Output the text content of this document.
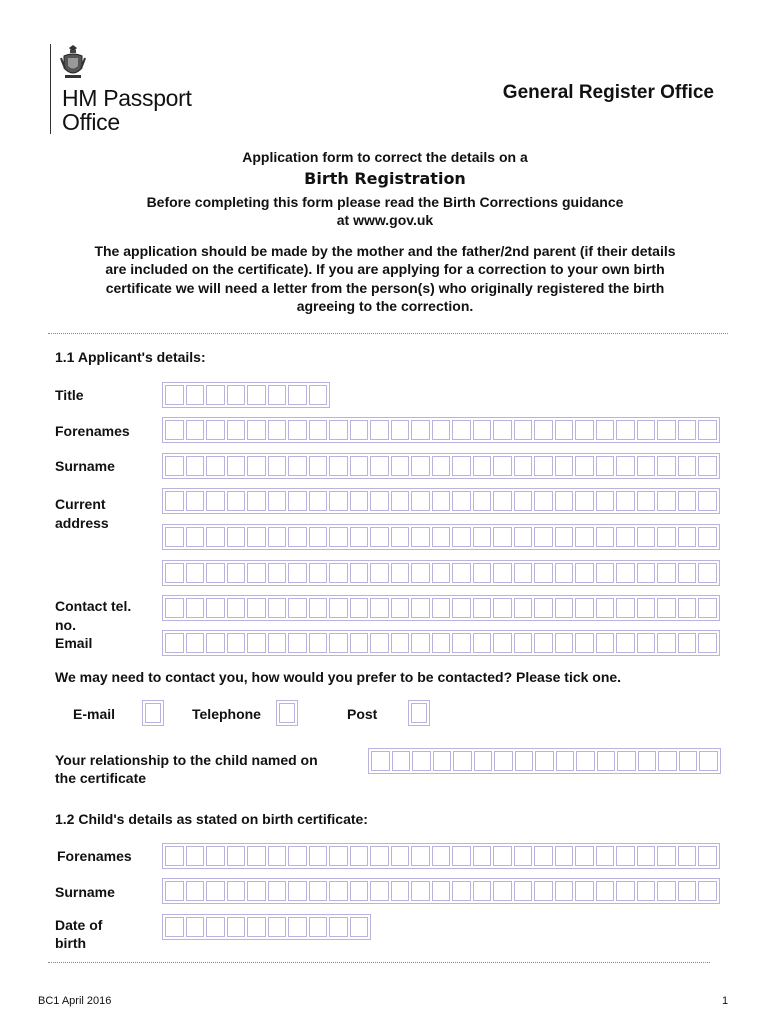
HM Passport
Office
General Register Office
Application form to correct the details on a
Birth Registration
Before completing this form please read the Birth Corrections guidance
at www.gov.uk
The application should be made by the mother and the father/2nd parent (if their details
are included on the certificate). If you are applying for a correction to your own birth
certificate we will need a letter from the person(s) who originally registered the birth
agreeing to the correction.
1.1 Applicant's details:
Title
Forenames
Surname
Current
address
Contact tel.
no.
Email
We may need to contact you, how would you prefer to be contacted? Please tick one.
E-mail	Telephone	Post
Your relationship to the child named on
the certificate
1.2 Child's details as stated on birth certificate:
Forenames
Surname
Date of
birth
BC1 April 2016	1
